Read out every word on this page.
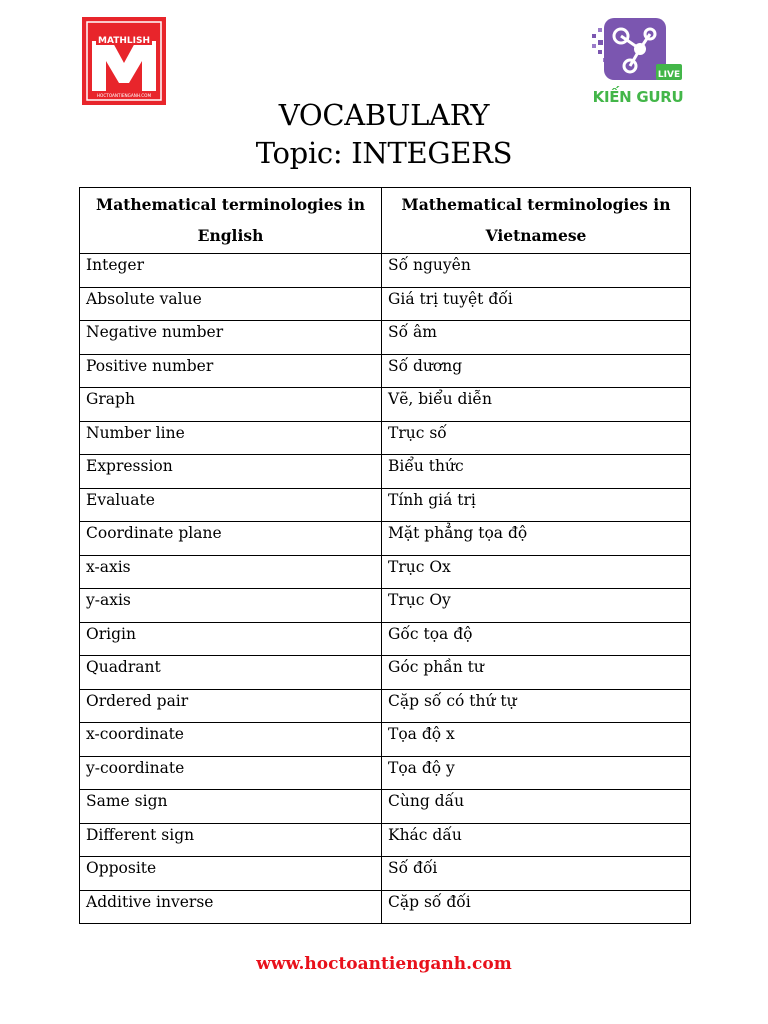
MATHLISH
HOCTOANTIENGANH.COM
LIVE
KIẾN GURU
VOCABULARY
Topic: INTEGERS
Mathematical terminologies in English	Mathematical terminologies in Vietnamese
Integer	Số nguyên
Absolute value	Giá trị tuyệt đối
Negative number	Số âm
Positive number	Số dương
Graph	Vẽ, biểu diễn
Number line	Trục số
Expression	Biểu thức
Evaluate	Tính giá trị
Coordinate plane	Mặt phẳng tọa độ
x-axis	Trục Ox
y-axis	Trục Oy
Origin	Gốc tọa độ
Quadrant	Góc phần tư
Ordered pair	Cặp số có thứ tự
x-coordinate	Tọa độ x
y-coordinate	Tọa độ y
Same sign	Cùng dấu
Different sign	Khác dấu
Opposite	Số đối
Additive inverse	Cặp số đối
www.hoctoantienganh.com
